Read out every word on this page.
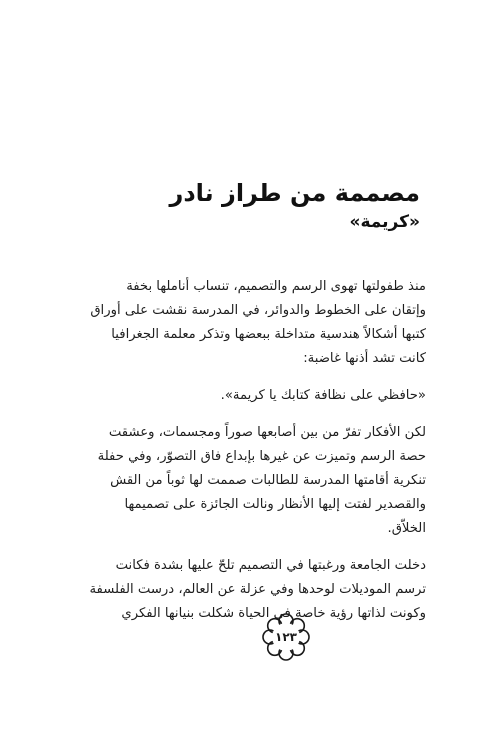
مصممة من طراز نادر
«كريمة»
منذ طفولتها تهوى الرسم والتصميم، تنساب أناملها بخفة
وإتقان على الخطوط والدوائر، في المدرسة نقشت على أوراق
كتبها أشكالاً هندسية متداخلة ببعضها وتذكر معلمة الجغرافيا
كانت تشد أذنها غاضبة:
«حافظي على نظافة كتابك يا كريمة».
لكن الأفكار تفرّ من بين أصابعها صوراً ومجسمات، وعشقت
حصة الرسم وتميزت عن غيرها بإبداع فاق التصوّر، وفي حفلة
تنكرية أقامتها المدرسة للطالبات صممت لها ثوباً من القش
والقصدير لفتت إليها الأنظار ونالت الجائزة على تصميمها
الخلاّق.
دخلت الجامعة ورغبتها في التصميم تلحّ عليها بشدة فكانت
ترسم الموديلات لوحدها وفي عزلة عن العالم، درست الفلسفة
وكونت لذاتها رؤية خاصة في الحياة شكلت بنيانها الفكري
١٢٣
